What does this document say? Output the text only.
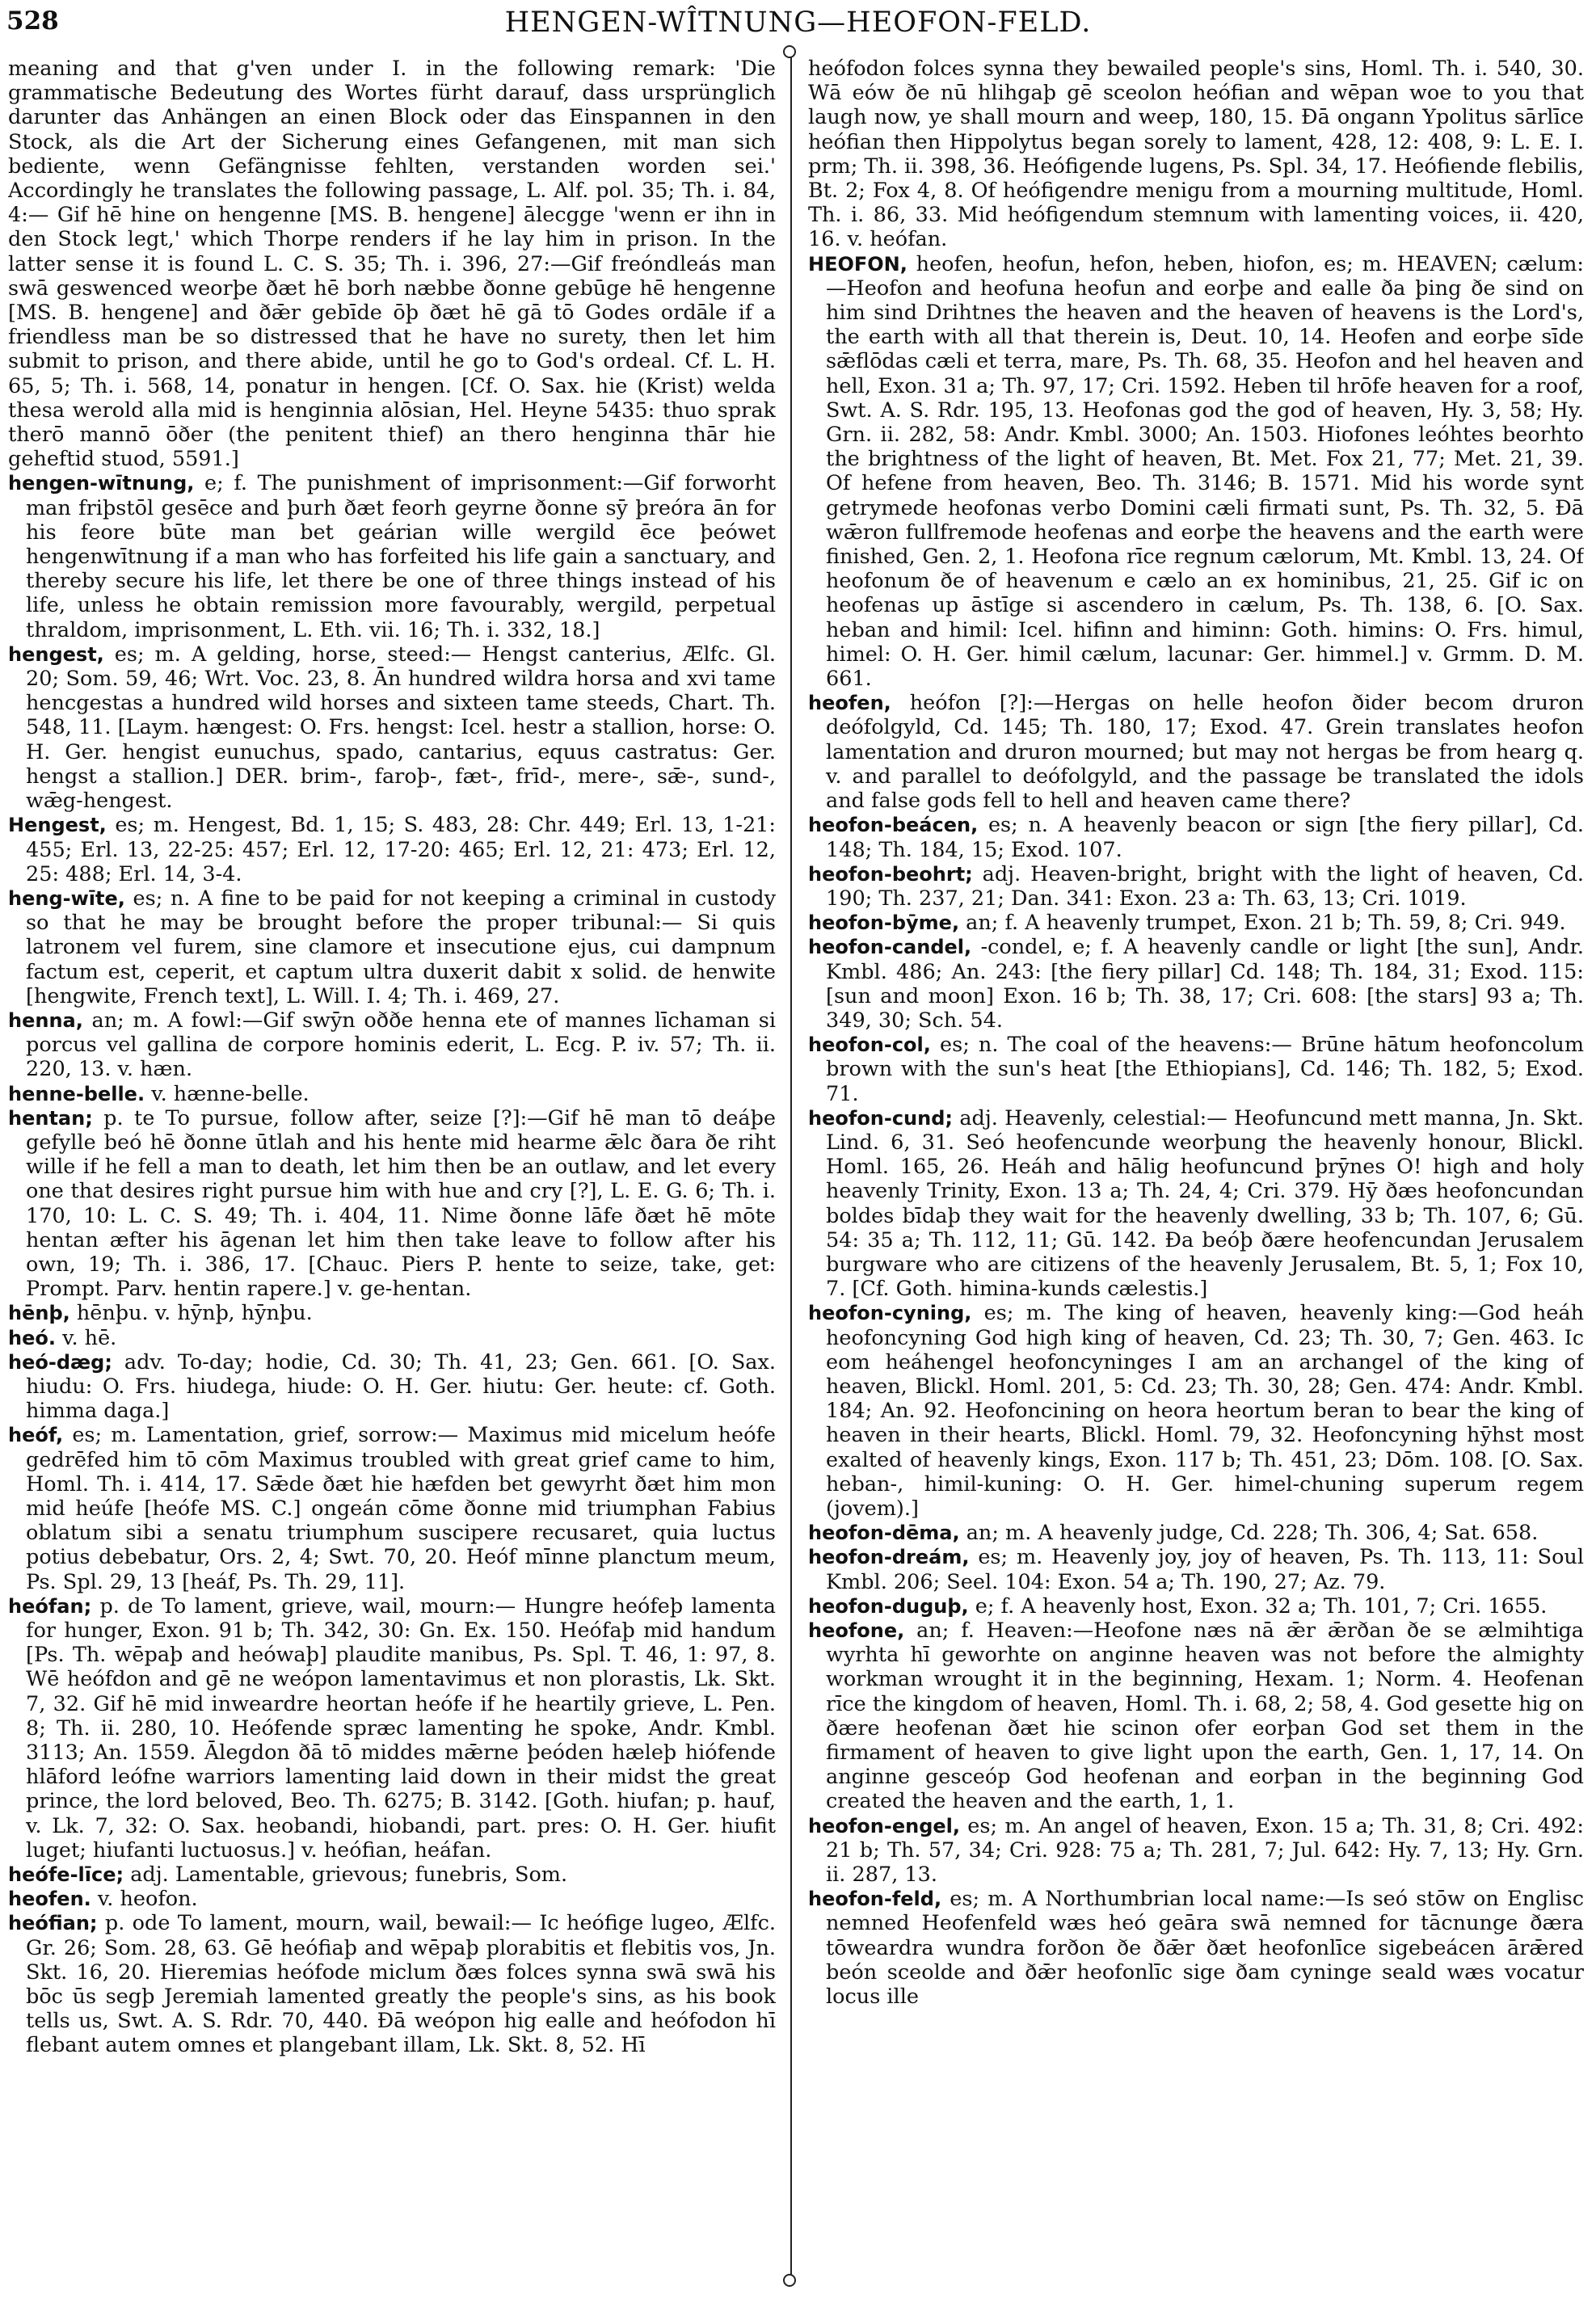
528	HENGEN-WÎTNUNG—HEOFON-FELD.

meaning and that g'ven under I. in the following remark: 'Die grammatische Bedeutung des Wortes fürht darauf, dass ursprünglich darunter das Anhängen an einen Block oder das Einspannen in den Stock, als die Art der Sicherung eines Gefangenen, mit man sich bediente, wenn Gefängnisse fehlten, verstanden worden sei.' Accordingly he translates the following passage, L. Alf. pol. 35; Th. i. 84, 4:— Gif hē hine on hengenne [MS. B. hengene] ālecgge 'wenn er ihn in den Stock legt,' which Thorpe renders if he lay him in prison. In the latter sense it is found L. C. S. 35; Th. i. 396, 27:—Gif freóndleás man swā geswenced weorþe ðæt hē borh næbbe ðonne gebūge hē hengenne [MS. B. hengene] and ðǣr gebīde ōþ ðæt hē gā tō Godes ordāle if a friendless man be so distressed that he have no surety, then let him submit to prison, and there abide, until he go to God's ordeal. Cf. L. H. 65, 5; Th. i. 568, 14, ponatur in hengen. [Cf. O. Sax. hie (Krist) welda thesa werold alla mid is henginnia alōsian, Hel. Heyne 5435: thuo sprak therō mannō ōðer (the penitent thief) an thero henginna thār hie geheftid stuod, 5591.]

hengen-wītnung, e; f. The punishment of imprisonment:—Gif forworht man friþstōl gesēce and þurh ðæt feorh geyrne ðonne sȳ þreóra ān for his feore būte man bet geárian wille wergild ēce þeówet hengenwītnung if a man who has forfeited his life gain a sanctuary, and thereby secure his life, let there be one of three things instead of his life, unless he obtain remission more favourably, wergild, perpetual thraldom, imprisonment, L. Eth. vii. 16; Th. i. 332, 18.]

hengest, es; m. A gelding, horse, steed:— Hengst canterius, Ælfc. Gl. 20; Som. 59, 46; Wrt. Voc. 23, 8. Ān hundred wildra horsa and xvi tame hencgestas a hundred wild horses and sixteen tame steeds, Chart. Th. 548, 11. [Laym. hængest: O. Frs. hengst: Icel. hestr a stallion, horse: O. H. Ger. hengist eunuchus, spado, cantarius, equus castratus: Ger. hengst a stallion.] DER. brim-, faroþ-, fæt-, frīd-, mere-, sǣ-, sund-, wǣg-hengest.

Hengest, es; m. Hengest, Bd. 1, 15; S. 483, 28: Chr. 449; Erl. 13, 1-21: 455; Erl. 13, 22-25: 457; Erl. 12, 17-20: 465; Erl. 12, 21: 473; Erl. 12, 25: 488; Erl. 14, 3-4.

heng-wīte, es; n. A fine to be paid for not keeping a criminal in custody so that he may be brought before the proper tribunal:— Si quis latronem vel furem, sine clamore et insecutione ejus, cui dampnum factum est, ceperit, et captum ultra duxerit dabit x solid. de henwite [hengwite, French text], L. Will. I. 4; Th. i. 469, 27.

henna, an; m. A fowl:—Gif swȳn oððe henna ete of mannes līchaman si porcus vel gallina de corpore hominis ederit, L. Ecg. P. iv. 57; Th. ii. 220, 13. v. hæn.

henne-belle. v. hænne-belle.

hentan; p. te To pursue, follow after, seize [?]:—Gif hē man tō deáþe gefylle beó hē ðonne ūtlah and his hente mid hearme ǣlc ðara ðe riht wille if he fell a man to death, let him then be an outlaw, and let every one that desires right pursue him with hue and cry [?], L. E. G. 6; Th. i. 170, 10: L. C. S. 49; Th. i. 404, 11. Nime ðonne lāfe ðæt hē mōte hentan æfter his āgenan let him then take leave to follow after his own, 19; Th. i. 386, 17. [Chauc. Piers P. hente to seize, take, get: Prompt. Parv. hentin rapere.] v. ge-hentan.

hēnþ, hēnþu. v. hȳnþ, hȳnþu.

heó. v. hē.

heó-dæg; adv. To-day; hodie, Cd. 30; Th. 41, 23; Gen. 661. [O. Sax. hiudu: O. Frs. hiudega, hiude: O. H. Ger. hiutu: Ger. heute: cf. Goth. himma daga.]

heóf, es; m. Lamentation, grief, sorrow:— Maximus mid micelum heófe gedrēfed him tō cōm Maximus troubled with great grief came to him, Homl. Th. i. 414, 17. Sǣde ðæt hie hæfden bet gewyrht ðæt him mon mid heúfe [heófe MS. C.] ongeán cōme ðonne mid triumphan Fabius oblatum sibi a senatu triumphum suscipere recusaret, quia luctus potius debebatur, Ors. 2, 4; Swt. 70, 20. Heóf mīnne planctum meum, Ps. Spl. 29, 13 [heáf, Ps. Th. 29, 11].

heófan; p. de To lament, grieve, wail, mourn:— Hungre heófeþ lamenta for hunger, Exon. 91 b; Th. 342, 30: Gn. Ex. 150. Heófaþ mid handum [Ps. Th. wēpaþ and heówaþ] plaudite manibus, Ps. Spl. T. 46, 1: 97, 8. Wē heófdon and gē ne weópon lamentavimus et non plorastis, Lk. Skt. 7, 32. Gif hē mid inweardre heortan heófe if he heartily grieve, L. Pen. 8; Th. ii. 280, 10. Heófende spræc lamenting he spoke, Andr. Kmbl. 3113; An. 1559. Ālegdon ðā tō middes mǣrne þeóden hæleþ hiófende hlāford leófne warriors lamenting laid down in their midst the great prince, the lord beloved, Beo. Th. 6275; B. 3142. [Goth. hiufan; p. hauf, v. Lk. 7, 32: O. Sax. heobandi, hiobandi, part. pres: O. H. Ger. hiufit luget; hiufanti luctuosus.] v. heófian, heáfan.

heófe-līce; adj. Lamentable, grievous; funebris, Som.

heofen. v. heofon.

heófian; p. ode To lament, mourn, wail, bewail:— Ic heófige lugeo, Ælfc. Gr. 26; Som. 28, 63. Gē heófiaþ and wēpaþ plorabitis et flebitis vos, Jn. Skt. 16, 20. Hieremias heófode miclum ðæs folces synna swā swā his bōc ūs segþ Jeremiah lamented greatly the people's sins, as his book tells us, Swt. A. S. Rdr. 70, 440. Ðā weópon hig ealle and heófodon hī flebant autem omnes et plangebant illam, Lk. Skt. 8, 52. Hī

heófodon folces synna they bewailed people's sins, Homl. Th. i. 540, 30. Wā eów ðe nū hlihgaþ gē sceolon heófian and wēpan woe to you that laugh now, ye shall mourn and weep, 180, 15. Ðā ongann Ypolitus sārlīce heófian then Hippolytus began sorely to lament, 428, 12: 408, 9: L. E. I. prm; Th. ii. 398, 36. Heófigende lugens, Ps. Spl. 34, 17. Heófiende flebilis, Bt. 2; Fox 4, 8. Of heófigendre menigu from a mourning multitude, Homl. Th. i. 86, 33. Mid heófigendum stemnum with lamenting voices, ii. 420, 16. v. heófan.

HEOFON, heofen, heofun, hefon, heben, hiofon, es; m. HEAVEN; cælum:—Heofon and heofuna heofun and eorþe and ealle ða þing ðe sind on him sind Drihtnes the heaven and the heaven of heavens is the Lord's, the earth with all that therein is, Deut. 10, 14. Heofen and eorþe sīde sǣflōdas cæli et terra, mare, Ps. Th. 68, 35. Heofon and hel heaven and hell, Exon. 31 a; Th. 97, 17; Cri. 1592. Heben til hrōfe heaven for a roof, Swt. A. S. Rdr. 195, 13. Heofonas god the god of heaven, Hy. 3, 58; Hy. Grn. ii. 282, 58: Andr. Kmbl. 3000; An. 1503. Hiofones leóhtes beorhto the brightness of the light of heaven, Bt. Met. Fox 21, 77; Met. 21, 39. Of hefene from heaven, Beo. Th. 3146; B. 1571. Mid his worde synt getrymede heofonas verbo Domini cæli firmati sunt, Ps. Th. 32, 5. Ðā wǣron fullfremode heofenas and eorþe the heavens and the earth were finished, Gen. 2, 1. Heofona rīce regnum cælorum, Mt. Kmbl. 13, 24. Of heofonum ðe of heavenum e cælo an ex hominibus, 21, 25. Gif ic on heofenas up āstīge si ascendero in cælum, Ps. Th. 138, 6. [O. Sax. heban and himil: Icel. hifinn and himinn: Goth. himins: O. Frs. himul, himel: O. H. Ger. himil cælum, lacunar: Ger. himmel.] v. Grmm. D. M. 661.

heofen, heófon [?]:—Hergas on helle heofon ðider becom druron deófolgyld, Cd. 145; Th. 180, 17; Exod. 47. Grein translates heofon lamentation and druron mourned; but may not hergas be from hearg q. v. and parallel to deófolgyld, and the passage be translated the idols and false gods fell to hell and heaven came there?

heofon-beácen, es; n. A heavenly beacon or sign [the fiery pillar], Cd. 148; Th. 184, 15; Exod. 107.

heofon-beohrt; adj. Heaven-bright, bright with the light of heaven, Cd. 190; Th. 237, 21; Dan. 341: Exon. 23 a: Th. 63, 13; Cri. 1019.

heofon-bȳme, an; f. A heavenly trumpet, Exon. 21 b; Th. 59, 8; Cri. 949.

heofon-candel, -condel, e; f. A heavenly candle or light [the sun], Andr. Kmbl. 486; An. 243: [the fiery pillar] Cd. 148; Th. 184, 31; Exod. 115: [sun and moon] Exon. 16 b; Th. 38, 17; Cri. 608: [the stars] 93 a; Th. 349, 30; Sch. 54.

heofon-col, es; n. The coal of the heavens:— Brūne hātum heofoncolum brown with the sun's heat [the Ethiopians], Cd. 146; Th. 182, 5; Exod. 71.

heofon-cund; adj. Heavenly, celestial:— Heofuncund mett manna, Jn. Skt. Lind. 6, 31. Seó heofencunde weorþung the heavenly honour, Blickl. Homl. 165, 26. Heáh and hālig heofuncund þrȳnes O! high and holy heavenly Trinity, Exon. 13 a; Th. 24, 4; Cri. 379. Hȳ ðæs heofoncundan boldes bīdaþ they wait for the heavenly dwelling, 33 b; Th. 107, 6; Gū. 54: 35 a; Th. 112, 11; Gū. 142. Ða beóþ ðære heofencundan Jerusalem burgware who are citizens of the heavenly Jerusalem, Bt. 5, 1; Fox 10, 7. [Cf. Goth. himina-kunds cælestis.]

heofon-cyning, es; m. The king of heaven, heavenly king:—God heáh heofoncyning God high king of heaven, Cd. 23; Th. 30, 7; Gen. 463. Ic eom heáhengel heofoncyninges I am an archangel of the king of heaven, Blickl. Homl. 201, 5: Cd. 23; Th. 30, 28; Gen. 474: Andr. Kmbl. 184; An. 92. Heofoncining on heora heortum beran to bear the king of heaven in their hearts, Blickl. Homl. 79, 32. Heofoncyning hȳhst most exalted of heavenly kings, Exon. 117 b; Th. 451, 23; Dōm. 108. [O. Sax. heban-, himil-kuning: O. H. Ger. himel-chuning superum regem (jovem).]

heofon-dēma, an; m. A heavenly judge, Cd. 228; Th. 306, 4; Sat. 658.

heofon-dreám, es; m. Heavenly joy, joy of heaven, Ps. Th. 113, 11: Soul Kmbl. 206; Seel. 104: Exon. 54 a; Th. 190, 27; Az. 79.

heofon-duguþ, e; f. A heavenly host, Exon. 32 a; Th. 101, 7; Cri. 1655.

heofone, an; f. Heaven:—Heofone næs nā ǣr ǣrðan ðe se ælmihtiga wyrhta hī geworhte on anginne heaven was not before the almighty workman wrought it in the beginning, Hexam. 1; Norm. 4. Heofenan rīce the kingdom of heaven, Homl. Th. i. 68, 2; 58, 4. God gesette hig on ðære heofenan ðæt hie scinon ofer eorþan God set them in the firmament of heaven to give light upon the earth, Gen. 1, 17, 14. On anginne gesceóp God heofenan and eorþan in the beginning God created the heaven and the earth, 1, 1.

heofon-engel, es; m. An angel of heaven, Exon. 15 a; Th. 31, 8; Cri. 492: 21 b; Th. 57, 34; Cri. 928: 75 a; Th. 281, 7; Jul. 642: Hy. 7, 13; Hy. Grn. ii. 287, 13.

heofon-feld, es; m. A Northumbrian local name:—Is seó stōw on Englisc nemned Heofenfeld wæs heó geāra swā nemned for tācnunge ðæra tōweardra wundra forðon ðe ðǣr ðæt heofonlīce sigebeácen ārǣred beón sceolde and ðǣr heofonlīc sige ðam cyninge seald wæs vocatur locus ille
